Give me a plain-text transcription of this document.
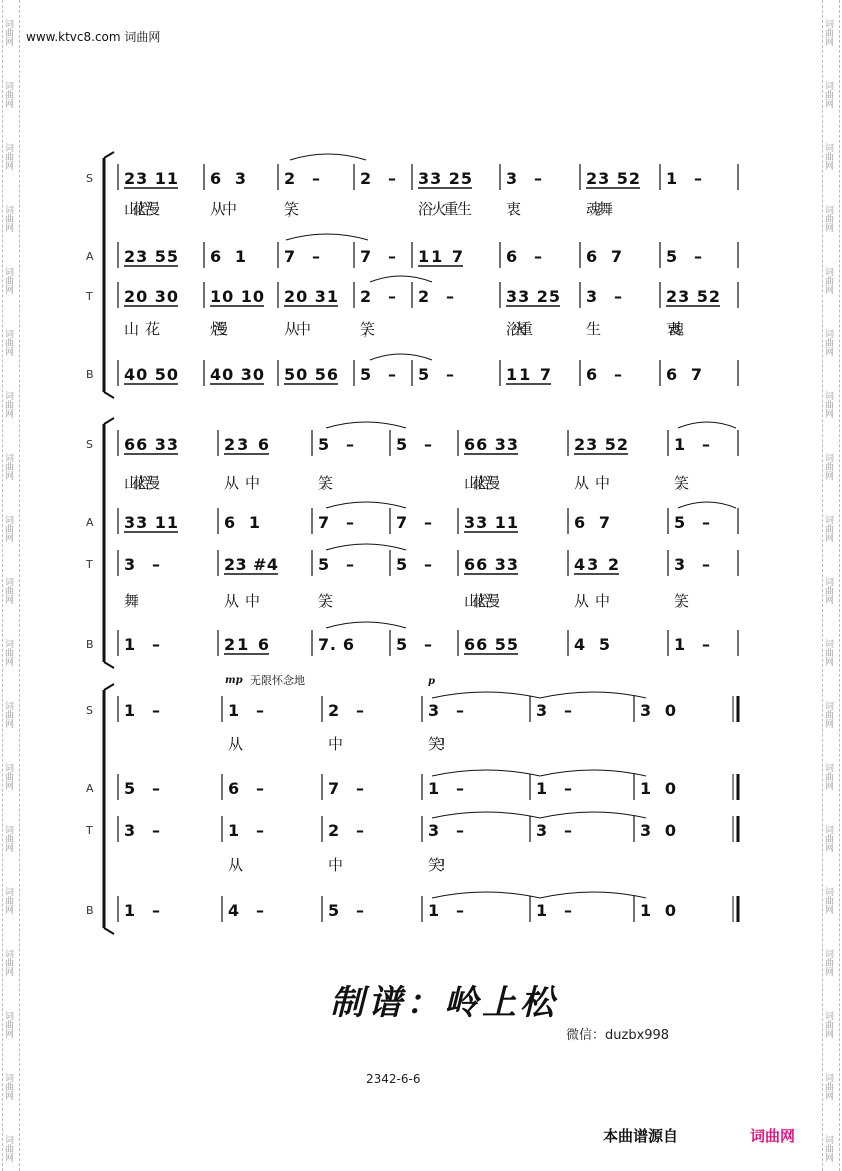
词曲网
词曲网
词曲网
词曲网
词曲网
词曲网
词曲网
词曲网
词曲网
词曲网
词曲网
词曲网
词曲网
词曲网
词曲网
词曲网
词曲网
词曲网
词曲网
词曲网
词曲网
词曲网
词曲网
词曲网
词曲网
词曲网
词曲网
词曲网
词曲网
词曲网
词曲网
词曲网
词曲网
词曲网
词曲网
词曲网
词曲网
词曲网
www.ktvc8.com 词曲网
S 23 11 6 3 2 –	2 – 33 25 3 –	23 52 1 –
山花烂漫	从 中	笑，	浴 火重 生 衷	魂 舞
A 23 55 6 1 7 –	7 – 11 7	6 –	6 7	5 –
T 20 30 10 10 20 31 2 – 2 –	33 25 3 –	23 52
山 花	烂漫	从 中	笑，	浴火重	生	衷魂
B 40 50 40 30 50 56 5 – 5 –	11 7 6 –	6 7
S 66 33	23 6	5 –	5 – 66 33	23 52	1 –
山花烂漫	从 中	笑。	山花烂漫	从 中	笑。
A 33 11	6 1	7 –	7 – 33 11	6 7	5 –
T 3 –	23 #4	5 –	5 – 66 33	43 2	3 –
舞	从 中	笑。	山花烂漫	从 中	笑。
B 1 –	21 6	7. 6	5 – 66 55	4 5	1 –
S 1 –	1 –	2 –	3 –	3 –	3 0
从	中	笑!
A 5 –	6 –	7 –	1 –	1 –	1 0
T 3 –	1 –	2 –	3 –	3 –	3 0
从	中	笑!
B 1 –	4 –	5 –	1 –	1 –	1 0
mp 无限怀念地	p
制谱：岭上松
微信：duzbx998
2342-6-6
本曲谱源自	词曲网
